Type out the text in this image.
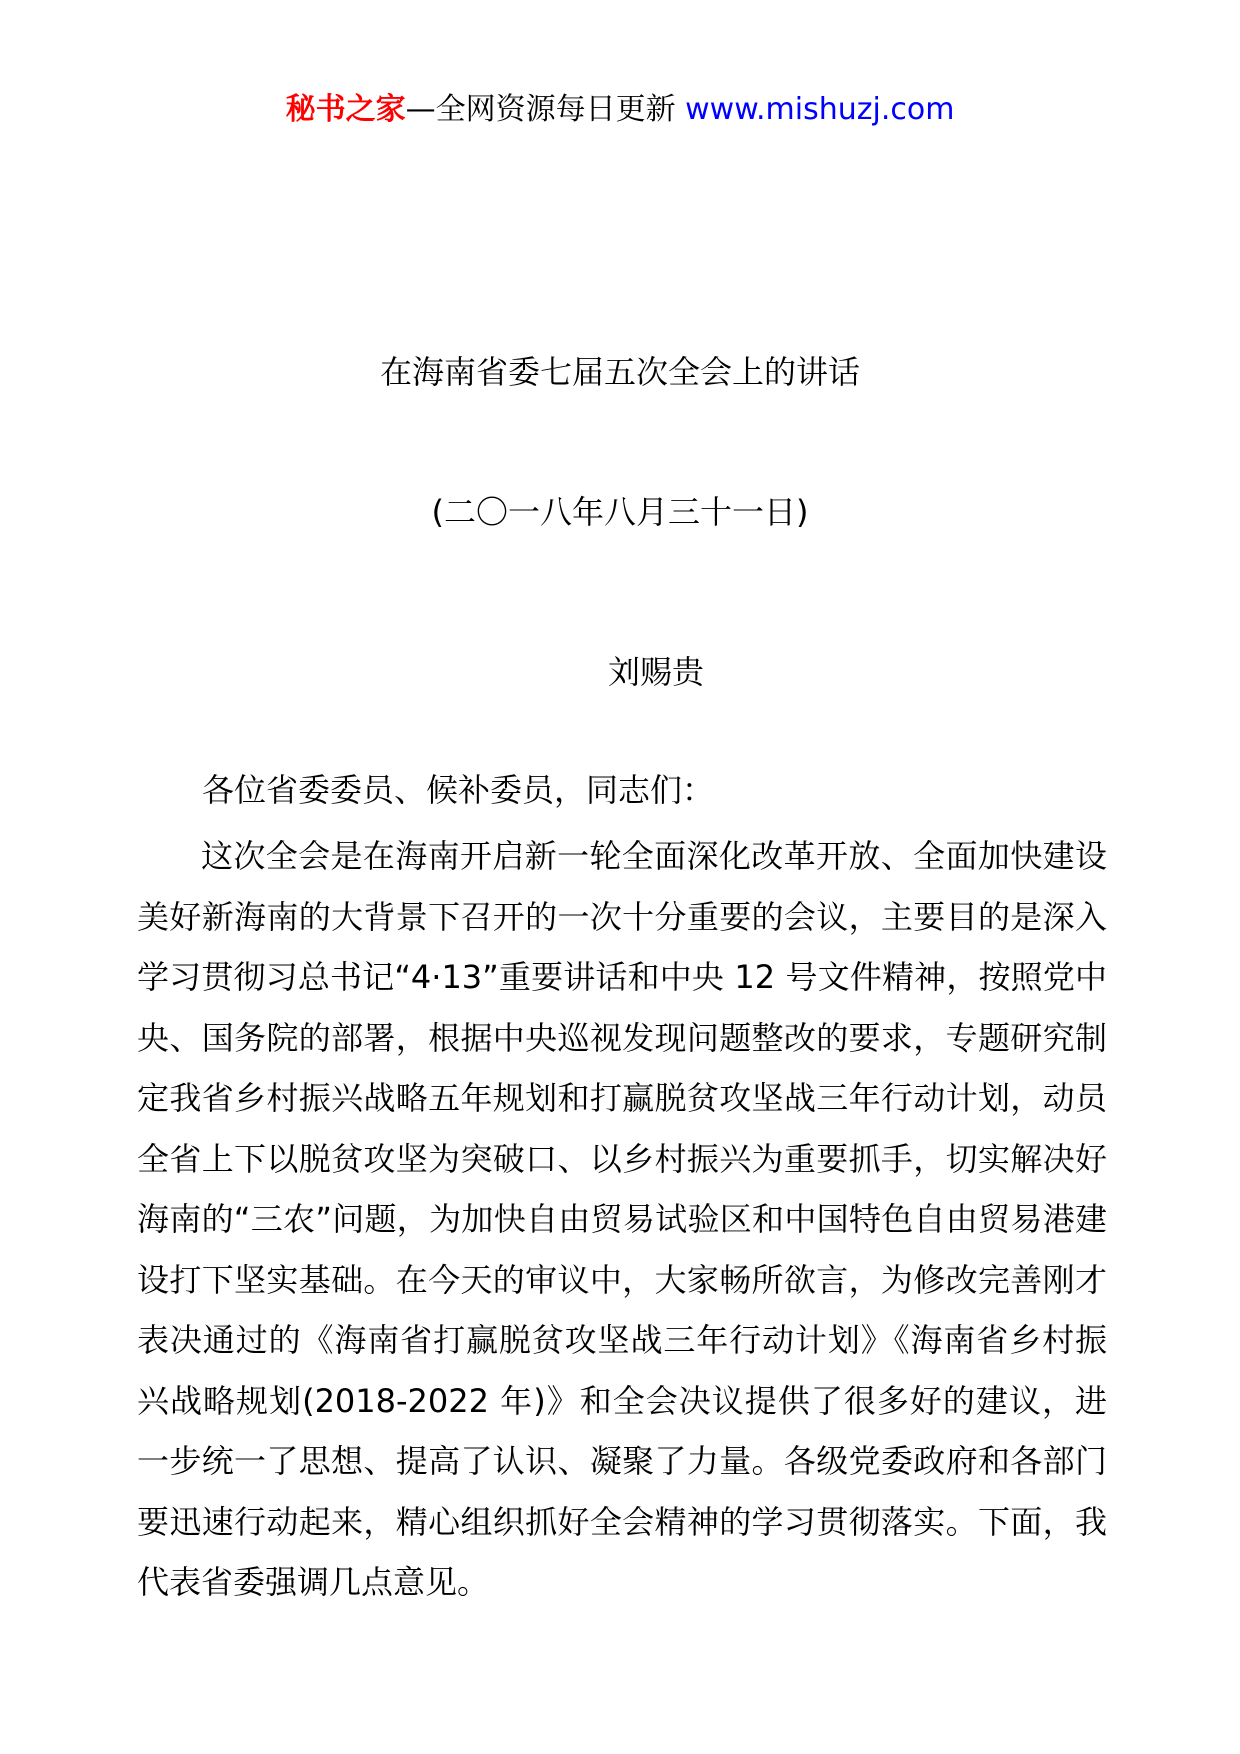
秘书之家—全网资源每日更新 www.mishuzj.com
在海南省委七届五次全会上的讲话
(二〇一八年八月三十一日)
刘赐贵
各位省委委员、候补委员，同志们：

这次全会是在海南开启新一轮全面深化改革开放、全面加快建设美好新海南的大背景下召开的一次十分重要的会议，主要目的是深入学习贯彻习总书记“4·13”重要讲话和中央 12 号文件精神，按照党中央、国务院的部署，根据中央巡视发现问题整改的要求，专题研究制定我省乡村振兴战略五年规划和打赢脱贫攻坚战三年行动计划，动员全省上下以脱贫攻坚为突破口、以乡村振兴为重要抓手，切实解决好海南的“三农”问题，为加快自由贸易试验区和中国特色自由贸易港建设打下坚实基础。在今天的审议中，大家畅所欲言，为修改完善刚才表决通过的《海南省打赢脱贫攻坚战三年行动计划》《海南省乡村振兴战略规划(2018-2022 年)》和全会决议提供了很多好的建议，进一步统一了思想、提高了认识、凝聚了力量。各级党委政府和各部门要迅速行动起来，精心组织抓好全会精神的学习贯彻落实。下面，我代表省委强调几点意见。
